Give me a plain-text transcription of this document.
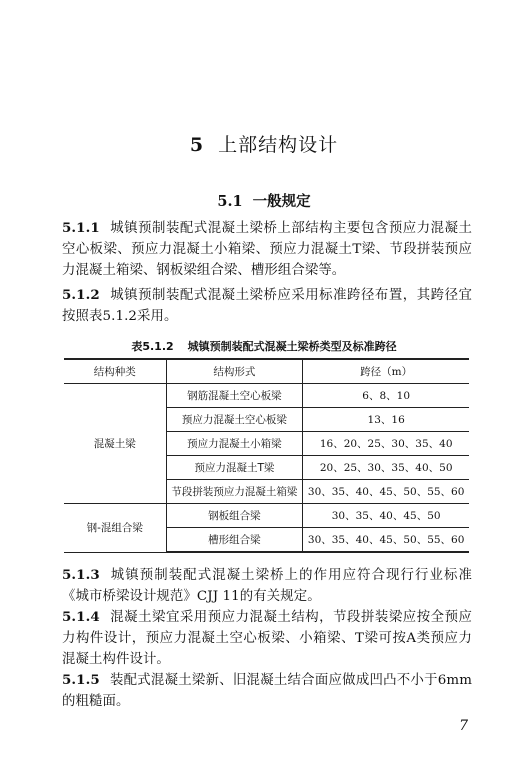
5 上部结构设计
5.1 一般规定
5.1.1 城镇预制装配式混凝土梁桥上部结构主要包含预应力混凝土空心板梁、预应力混凝土小箱梁、预应力混凝土T梁、节段拼装预应力混凝土箱梁、钢板梁组合梁、槽形组合梁等。
5.1.2 城镇预制装配式混凝土梁桥应采用标准跨径布置，其跨径宜按照表5.1.2采用。
表5.1.2 城镇预制装配式混凝土梁桥类型及标准跨径
结构种类	结构形式	跨径（m）
混凝土梁	钢筋混凝土空心板梁	6、8、10
	预应力混凝土空心板梁	13、16
	预应力混凝土小箱梁	16、20、25、30、35、40
	预应力混凝土T梁	20、25、30、35、40、50
	节段拼装预应力混凝土箱梁	30、35、40、45、50、55、60
钢-混组合梁	钢板组合梁	30、35、40、45、50
	槽形组合梁	30、35、40、45、50、55、60
5.1.3 城镇预制装配式混凝土梁桥上的作用应符合现行行业标准《城市桥梁设计规范》CJJ 11的有关规定。
5.1.4 混凝土梁宜采用预应力混凝土结构，节段拼装梁应按全预应力构件设计，预应力混凝土空心板梁、小箱梁、T梁可按A类预应力混凝土构件设计。
5.1.5 装配式混凝土梁新、旧混凝土结合面应做成凹凸不小于6mm的粗糙面。
7
